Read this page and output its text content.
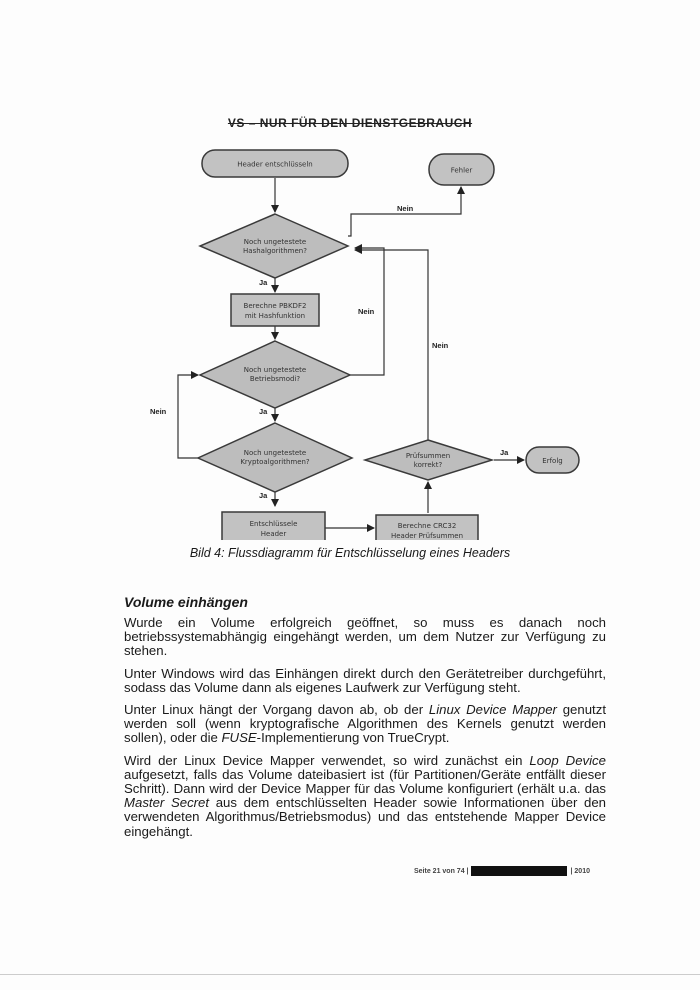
VS – NUR FÜR DEN DIENSTGEBRAUCH
Header entschlüsseln
Fehler
Noch ungetestete
Hashalgorithmen?
Berechne PBKDF2
mit Hashfunktion
Noch ungetestete
Betriebsmodi?
Noch ungetestete
Kryptoalgorithmen?
Prüfsummen
korrekt?	Erfolg
Entschlüssele
Header
Berechne CRC32
Header Prüfsummen
Nein
Nein
Nein
Nein
Ja
Ja
Ja
Ja
Bild 4: Flussdiagramm für Entschlüsselung eines Headers
Volume einhängen

Wurde ein Volume erfolgreich geöffnet, so muss es danach noch betriebssystemabhängig eingehängt werden, um dem Nutzer zur Verfügung zu stehen.

Unter Windows wird das Einhängen direkt durch den Gerätetreiber durchgeführt, sodass das Volume dann als eigenes Laufwerk zur Verfügung steht.

Unter Linux hängt der Vorgang davon ab, ob der Linux Device Mapper genutzt werden soll (wenn kryptografische Algorithmen des Kernels genutzt werden sollen), oder die FUSE-Implementierung von TrueCrypt.

Wird der Linux Device Mapper verwendet, so wird zunächst ein Loop Device aufgesetzt, falls das Volume dateibasiert ist (für Partitionen/Geräte entfällt dieser Schritt). Dann wird der Device Mapper für das Volume konfiguriert (erhält u.a. das Master Secret aus dem entschlüsselten Header sowie Informationen über den verwendeten Algorithmus/Betriebsmodus) und das entstehende Mapper Device eingehängt.

Seite 21 von 74 |	| 2010
